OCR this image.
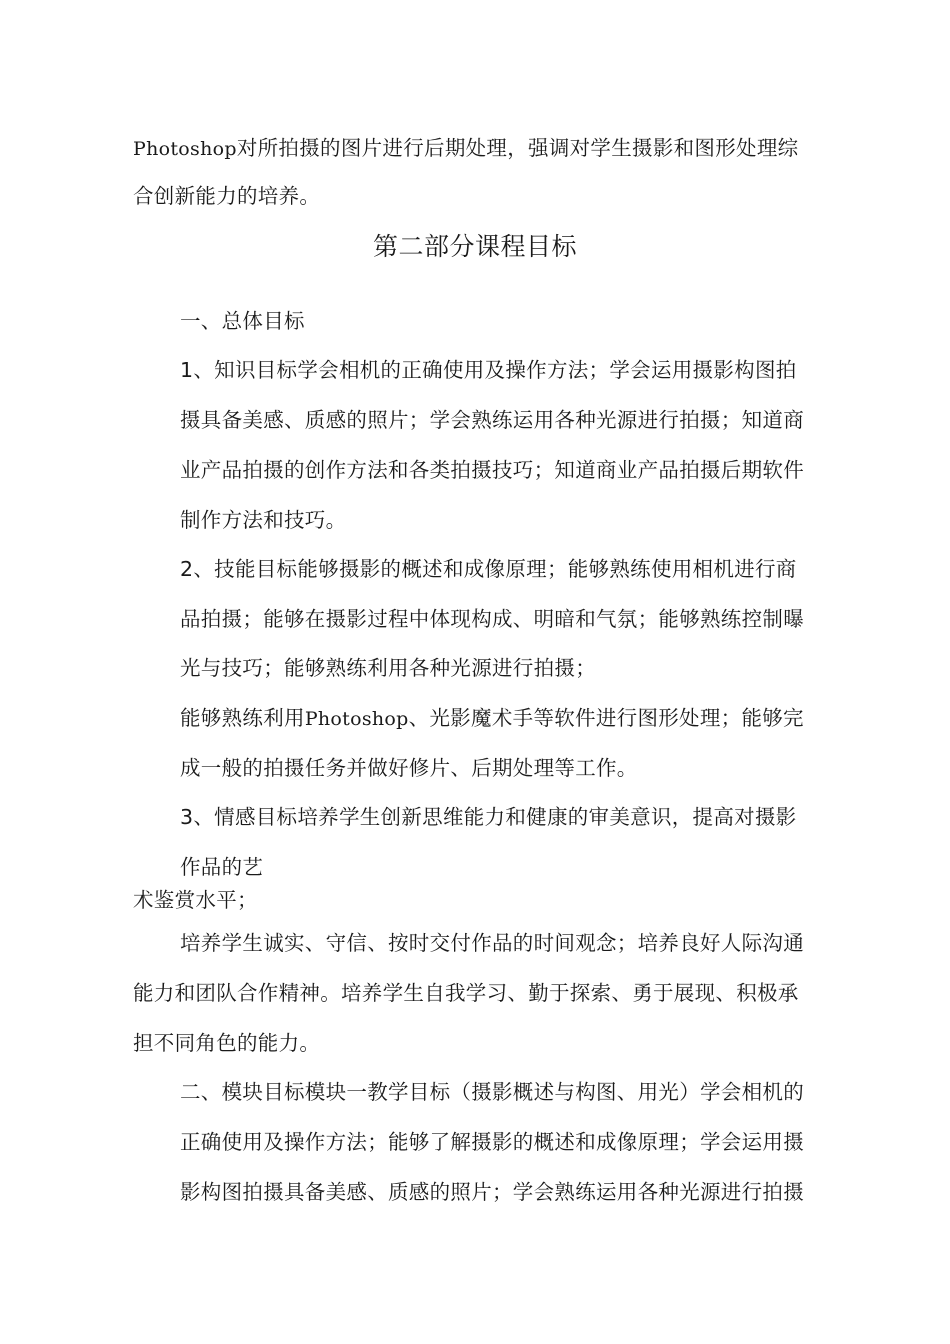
Photoshop对所拍摄的图片进行后期处理，强调对学生摄影和图形处理综
合创新能力的培养。
第二部分课程目标
一、总体目标
1、知识目标学会相机的正确使用及操作方法；学会运用摄影构图拍
摄具备美感、质感的照片；学会熟练运用各种光源进行拍摄；知道商
业产品拍摄的创作方法和各类拍摄技巧；知道商业产品拍摄后期软件
制作方法和技巧。
2、技能目标能够摄影的概述和成像原理；能够熟练使用相机进行商
品拍摄；能够在摄影过程中体现构成、明暗和气氛；能够熟练控制曝
光与技巧；能够熟练利用各种光源进行拍摄；
能够熟练利用Photoshop、光影魔术手等软件进行图形处理；能够完
成一般的拍摄任务并做好修片、后期处理等工作。
3、情感目标培养学生创新思维能力和健康的审美意识，提高对摄影
作品的艺
术鉴赏水平；
培养学生诚实、守信、按时交付作品的时间观念；培养良好人际沟通
能力和团队合作精神。培养学生自我学习、勤于探索、勇于展现、积极承
担不同角色的能力。
二、模块目标模块一教学目标（摄影概述与构图、用光）学会相机的
正确使用及操作方法；能够了解摄影的概述和成像原理；学会运用摄
影构图拍摄具备美感、质感的照片；学会熟练运用各种光源进行拍摄
